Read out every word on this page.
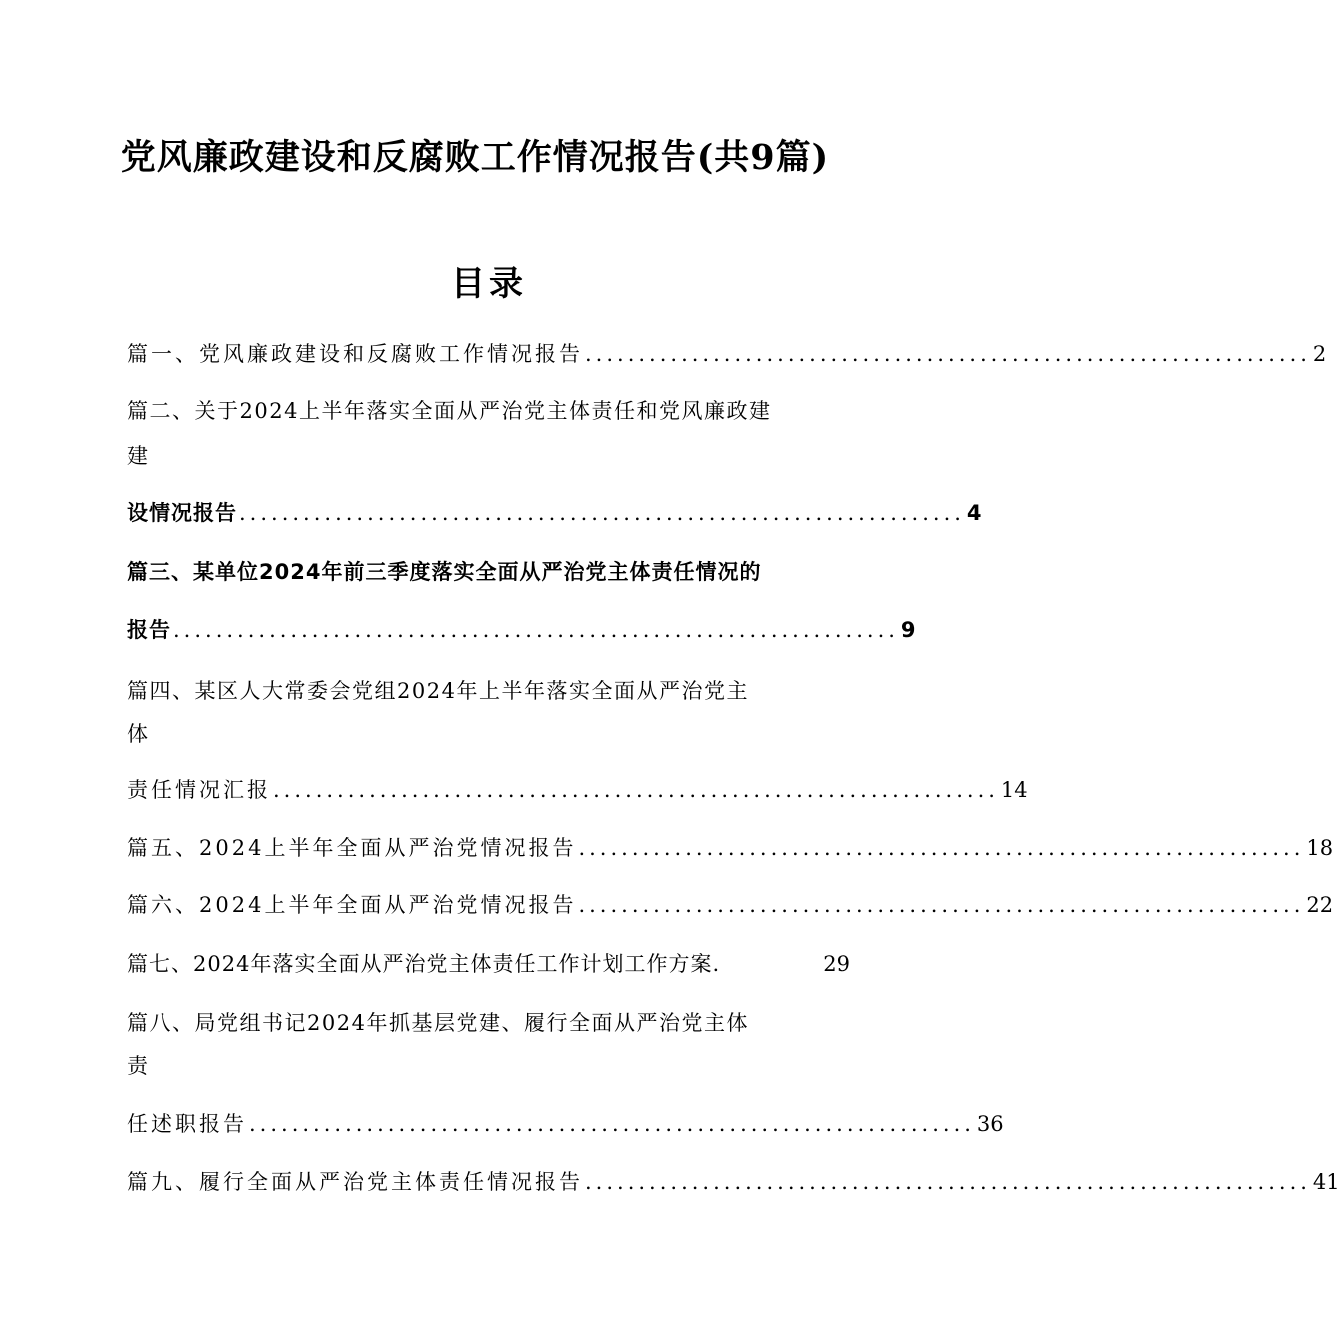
党风廉政建设和反腐败工作情况报告(共9篇)
目录
篇一、党风廉政建设和反腐败工作情况报告 .................................................................... 2
篇二、关于2024上半年落实全面从严治党主体责任和党风廉政建
建
设情况报告 .................................................................... 4
篇三、某单位2024年前三季度落实全面从严治党主体责任情况的
报告 .................................................................... 9
篇四、某区人大常委会党组2024年上半年落实全面从严治党主
体
责任情况汇报 .................................................................... 14
篇五、2024上半年全面从严治党情况报告 .................................................................... 18
篇六、2024上半年全面从严治党情况报告 .................................................................... 22
篇七、2024年落实全面从严治党主体责任工作计划工作方案.	29
篇八、局党组书记2024年抓基层党建、履行全面从严治党主体
责
任述职报告 .................................................................... 36
篇九、履行全面从严治党主体责任情况报告 .................................................................... 41
